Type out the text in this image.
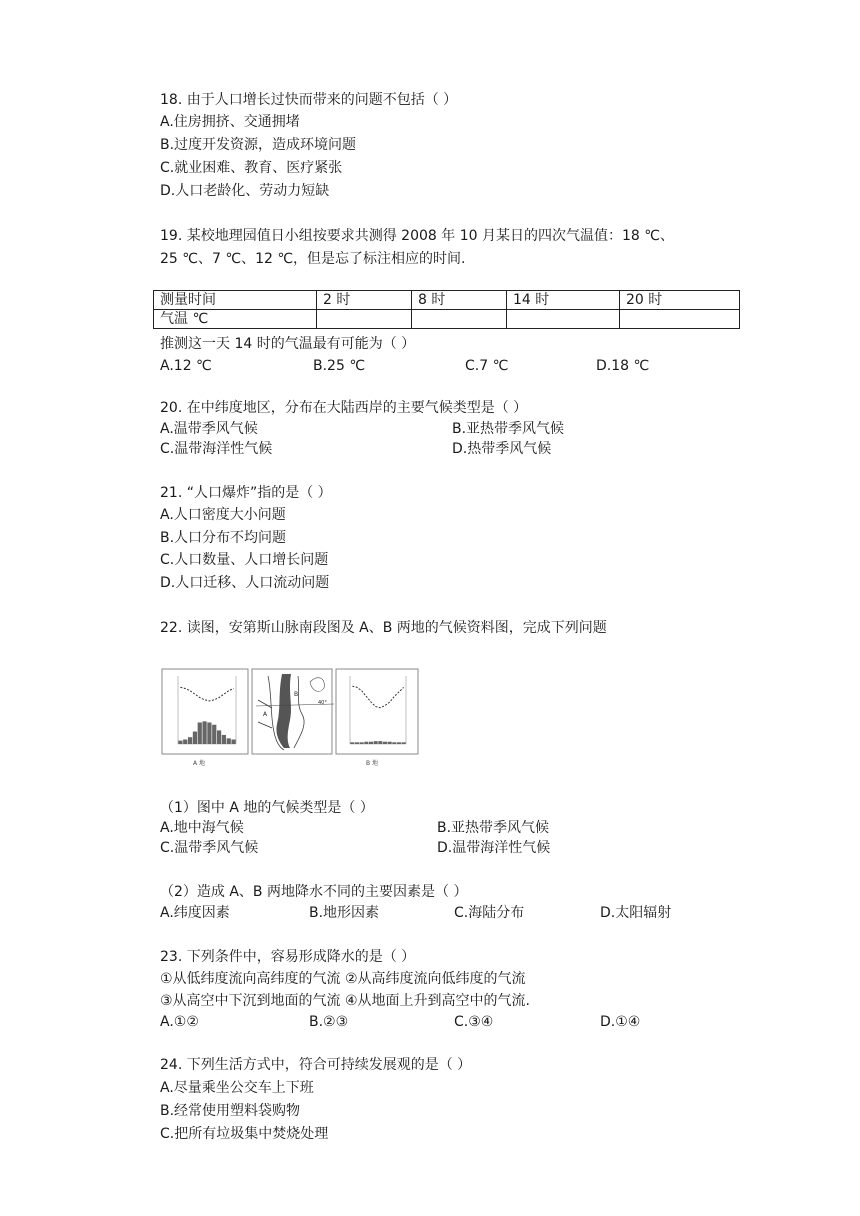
18. 由于人口增长过快而带来的问题不包括（ ）
A.住房拥挤、交通拥堵
B.过度开发资源，造成环境问题
C.就业困难、教育、医疗紧张
D.人口老龄化、劳动力短缺
19. 某校地理园值日小组按要求共测得 2008 年 10 月某日的四次气温值：18 ℃、
25 ℃、7 ℃、12 ℃，但是忘了标注相应的时间.
测量时间	2 时	8 时	14 时	20 时
气温 ℃				
推测这一天 14 时的气温最有可能为（ ）
A.12 ℃	B.25 ℃	C.7 ℃	D.18 ℃
20. 在中纬度地区，分布在大陆西岸的主要气候类型是（ ）
A.温带季风气候	B.亚热带季风气候
C.温带海洋性气候	D.热带季风气候
21. “人口爆炸”指的是（ ）
A.人口密度大小问题
B.人口分布不均问题
C.人口数量、人口增长问题
D.人口迁移、人口流动问题
22. 读图，安第斯山脉南段图及 A、B 两地的气候资料图，完成下列问题
A 地
B
A
40°
B 地
（1）图中 A 地的气候类型是（ ）
A.地中海气候	B.亚热带季风气候
C.温带季风气候	D.温带海洋性气候
（2）造成 A、B 两地降水不同的主要因素是（ ）
A.纬度因素	B.地形因素	C.海陆分布	D.太阳辐射
23. 下列条件中，容易形成降水的是（ ）
①从低纬度流向高纬度的气流 ②从高纬度流向低纬度的气流
③从高空中下沉到地面的气流 ④从地面上升到高空中的气流.
A.①②	B.②③	C.③④	D.①④
24. 下列生活方式中，符合可持续发展观的是（ ）
A.尽量乘坐公交车上下班
B.经常使用塑料袋购物
C.把所有垃圾集中焚烧处理
